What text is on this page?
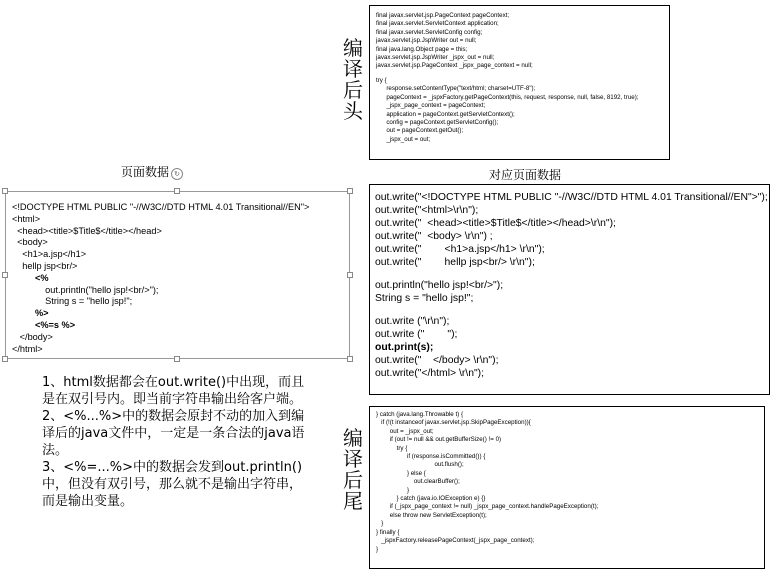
final javax.servlet.jsp.PageContext pageContext;
final javax.servlet.ServletContext application;
final javax.servlet.ServletConfig config;
javax.servlet.jsp.JspWriter out = null;
final java.lang.Object page = this;
javax.servlet.jsp.JspWriter _jspx_out = null;
javax.servlet.jsp.PageContext _jspx_page_context = null;
try {
response.setContentType("text/html; charset=UTF-8");
pageContext = _jspxFactory.getPageContext(this, request, response, null, false, 8192, true);
_jspx_page_context = pageContext;
application = pageContext.getServletContext();
config = pageContext.getServletConfig();
out = pageContext.getOut();
_jspx_out = out;
编译后头
页面数据 ↻
<!DOCTYPE HTML PUBLIC "-//W3C//DTD HTML 4.01 Transitional//EN">
<html>
<head><title>$Title$</title></head>
<body>
<h1>a.jsp</h1>
hellp jsp<br/>
<%
out.println("hello jsp!<br/>");
String s = "hello jsp!";
%>
<%=s %>
</body>
</html>
对应页面数据
out.write("<!DOCTYPE HTML PUBLIC "-//W3C//DTD HTML 4.01 Transitional//EN">");
out.write("<html>\r\n");
out.write("  <head><title>$Title$</title></head>\r\n");
out.write("  <body> \r\n") ;
out.write("        <h1>a.jsp</h1> \r\n");
out.write("        hellp jsp<br/> \r\n");
out.println("hello jsp!<br/>");
String s = "hello jsp!";
out.write ("\r\n");
out.write ("        ");
out.print(s);
out.write("    </body> \r\n");
out.write("</html> \r\n");

1、html数据都会在out.write()中出现，而且是在双引号内。即当前字符串输出给客户端。

2、<%...%>中的数据会原封不动的加入到编译后的java文件中，一定是一条合法的java语法。

3、<%=...%>中的数据会发到out.println()中，但没有双引号，那么就不是输出字符串，而是输出变量。

} catch (java.lang.Throwable t) {
if (!(t instanceof javax.servlet.jsp.SkipPageException)){
out = _jspx_out;
if (out != null && out.getBufferSize() != 0)
try {
if (response.isCommitted()) {
out.flush();
} else {
out.clearBuffer();
}
} catch (java.io.IOException e) {}
if (_jspx_page_context != null) _jspx_page_context.handlePageException(t);
else throw new ServletException(t);
}
} finally {
_jspxFactory.releasePageContext(_jspx_page_context);
}
编译后尾
